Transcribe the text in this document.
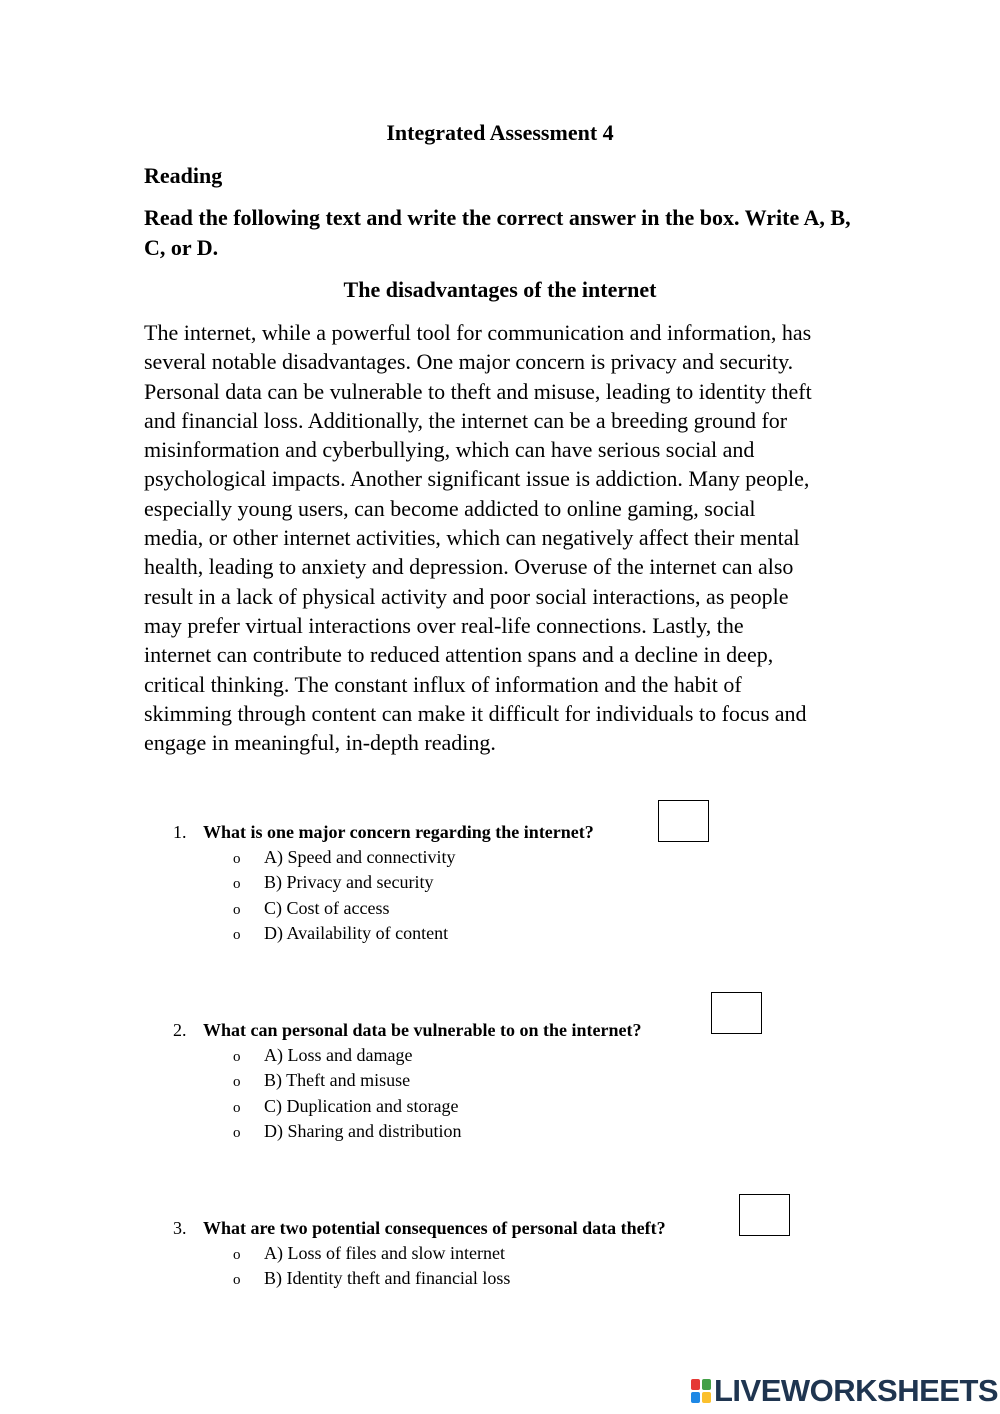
Integrated Assessment 4
Reading
Read the following text and write the correct answer in the box. Write A, B, C, or D.
The disadvantages of the internet
The internet, while a powerful tool for communication and information, has
several notable disadvantages. One major concern is privacy and security.
Personal data can be vulnerable to theft and misuse, leading to identity theft
and financial loss. Additionally, the internet can be a breeding ground for
misinformation and cyberbullying, which can have serious social and
psychological impacts. Another significant issue is addiction. Many people,
especially young users, can become addicted to online gaming, social
media, or other internet activities, which can negatively affect their mental
health, leading to anxiety and depression. Overuse of the internet can also
result in a lack of physical activity and poor social interactions, as people
may prefer virtual interactions over real-life connections. Lastly, the
internet can contribute to reduced attention spans and a decline in deep,
critical thinking. The constant influx of information and the habit of
skimming through content can make it difficult for individuals to focus and
engage in meaningful, in-depth reading.
1. What is one major concern regarding the internet?
o A) Speed and connectivity
o B) Privacy and security
o C) Cost of access
o D) Availability of content
2. What can personal data be vulnerable to on the internet?
o A) Loss and damage
o B) Theft and misuse
o C) Duplication and storage
o D) Sharing and distribution
3. What are two potential consequences of personal data theft?
o A) Loss of files and slow internet
o B) Identity theft and financial loss
LIVEWORKSHEETS
